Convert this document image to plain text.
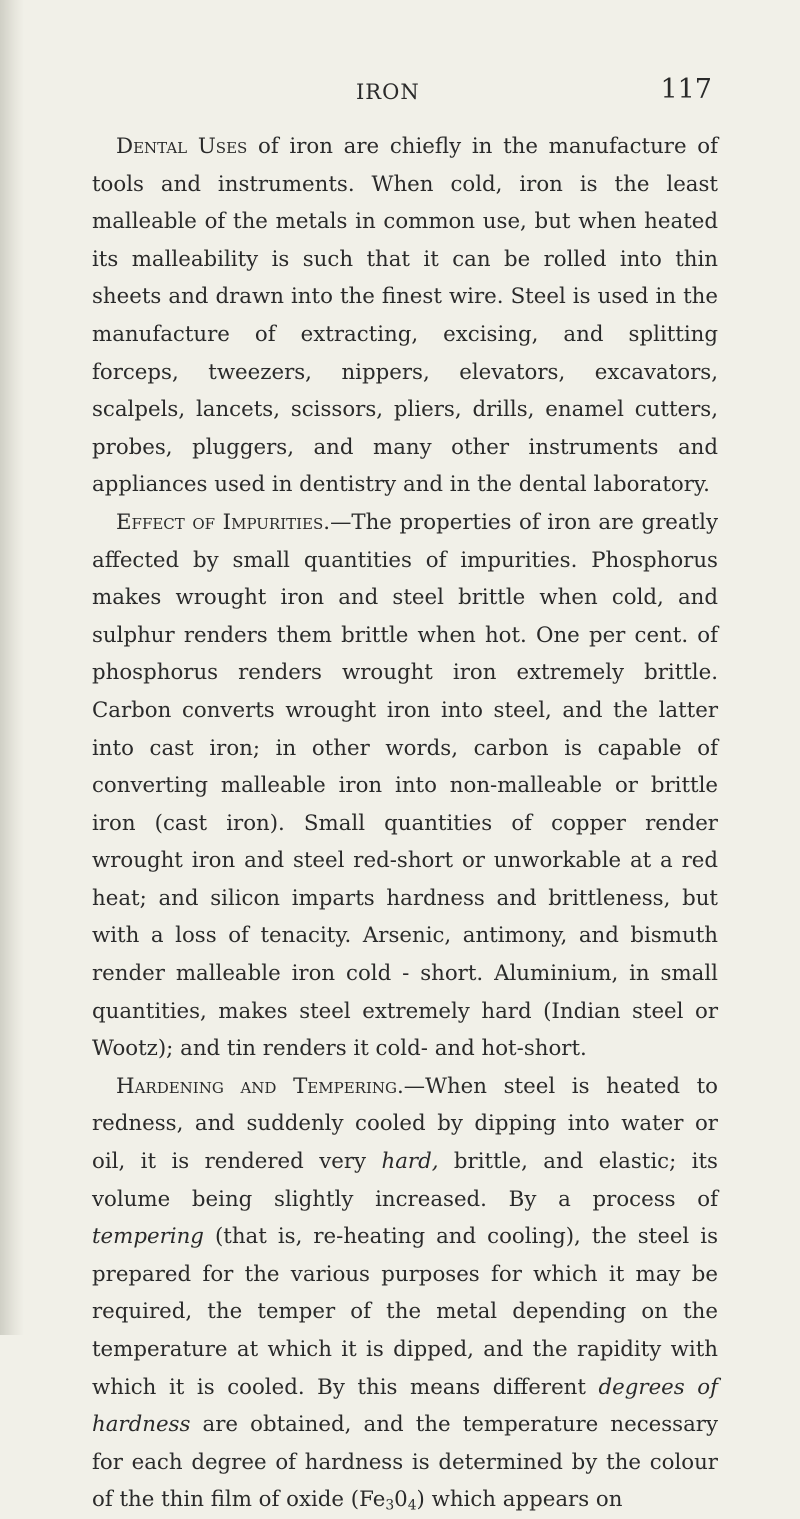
IRON	117

Dental Uses of iron are chiefly in the manufacture of tools and instruments. When cold, iron is the least malleable of the metals in common use, but when heated its malleability is such that it can be rolled into thin sheets and drawn into the finest wire. Steel is used in the manufacture of extracting, excising, and splitting forceps, tweezers, nippers, elevators, excavators, scalpels, lancets, scissors, pliers, drills, enamel cutters, probes, pluggers, and many other instruments and appliances used in dentistry and in the dental laboratory.

Effect of Impurities.—The properties of iron are greatly affected by small quantities of impurities. Phosphorus makes wrought iron and steel brittle when cold, and sulphur renders them brittle when hot. One per cent. of phosphorus renders wrought iron extremely brittle. Carbon converts wrought iron into steel, and the latter into cast iron; in other words, carbon is capable of converting malleable iron into non-malleable or brittle iron (cast iron). Small quantities of copper render wrought iron and steel red-short or unworkable at a red heat; and silicon imparts hardness and brittleness, but with a loss of tenacity. Arsenic, antimony, and bismuth render malleable iron cold - short. Aluminium, in small quantities, makes steel extremely hard (Indian steel or Wootz); and tin renders it cold- and hot-short.

Hardening and Tempering.—When steel is heated to redness, and suddenly cooled by dipping into water or oil, it is rendered very hard, brittle, and elastic; its volume being slightly increased. By a process of tempering (that is, re-heating and cooling), the steel is prepared for the various purposes for which it may be required, the temper of the metal depending on the temperature at which it is dipped, and the rapidity with which it is cooled. By this means different degrees of hardness are obtained, and the temperature necessary for each degree of hardness is determined by the colour of the thin film of oxide $(Fe_30_4)$ which appears on
